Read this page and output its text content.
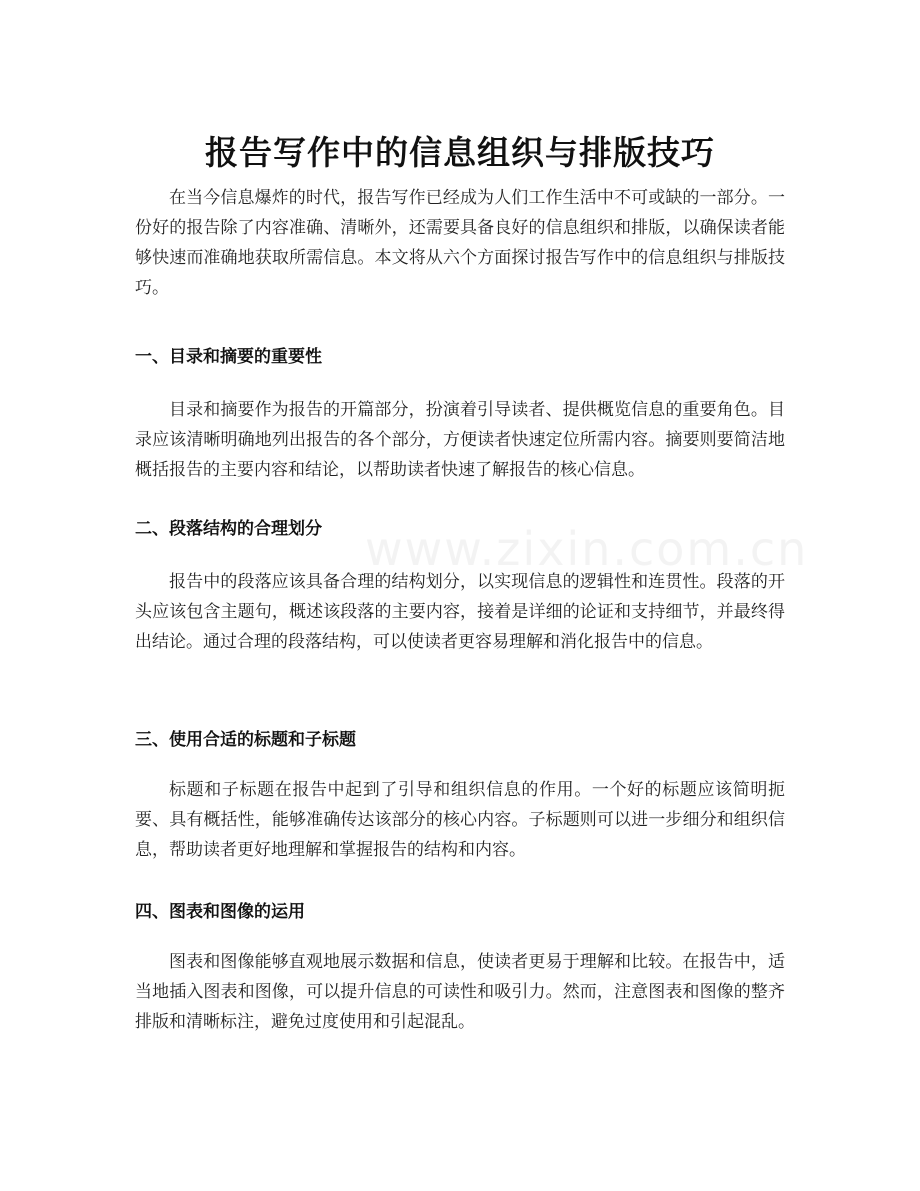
www.zixin.com.cn
报告写作中的信息组织与排版技巧

在当今信息爆炸的时代，报告写作已经成为人们工作生活中不可或缺的一部分。一份好的报告除了内容准确、清晰外，还需要具备良好的信息组织和排版，以确保读者能够快速而准确地获取所需信息。本文将从六个方面探讨报告写作中的信息组织与排版技巧。

一、目录和摘要的重要性

目录和摘要作为报告的开篇部分，扮演着引导读者、提供概览信息的重要角色。目录应该清晰明确地列出报告的各个部分，方便读者快速定位所需内容。摘要则要简洁地概括报告的主要内容和结论，以帮助读者快速了解报告的核心信息。

二、段落结构的合理划分

报告中的段落应该具备合理的结构划分，以实现信息的逻辑性和连贯性。段落的开头应该包含主题句，概述该段落的主要内容，接着是详细的论证和支持细节，并最终得出结论。通过合理的段落结构，可以使读者更容易理解和消化报告中的信息。

三、使用合适的标题和子标题

标题和子标题在报告中起到了引导和组织信息的作用。一个好的标题应该简明扼要、具有概括性，能够准确传达该部分的核心内容。子标题则可以进一步细分和组织信息，帮助读者更好地理解和掌握报告的结构和内容。

四、图表和图像的运用

图表和图像能够直观地展示数据和信息，使读者更易于理解和比较。在报告中，适当地插入图表和图像，可以提升信息的可读性和吸引力。然而，注意图表和图像的整齐排版和清晰标注，避免过度使用和引起混乱。
